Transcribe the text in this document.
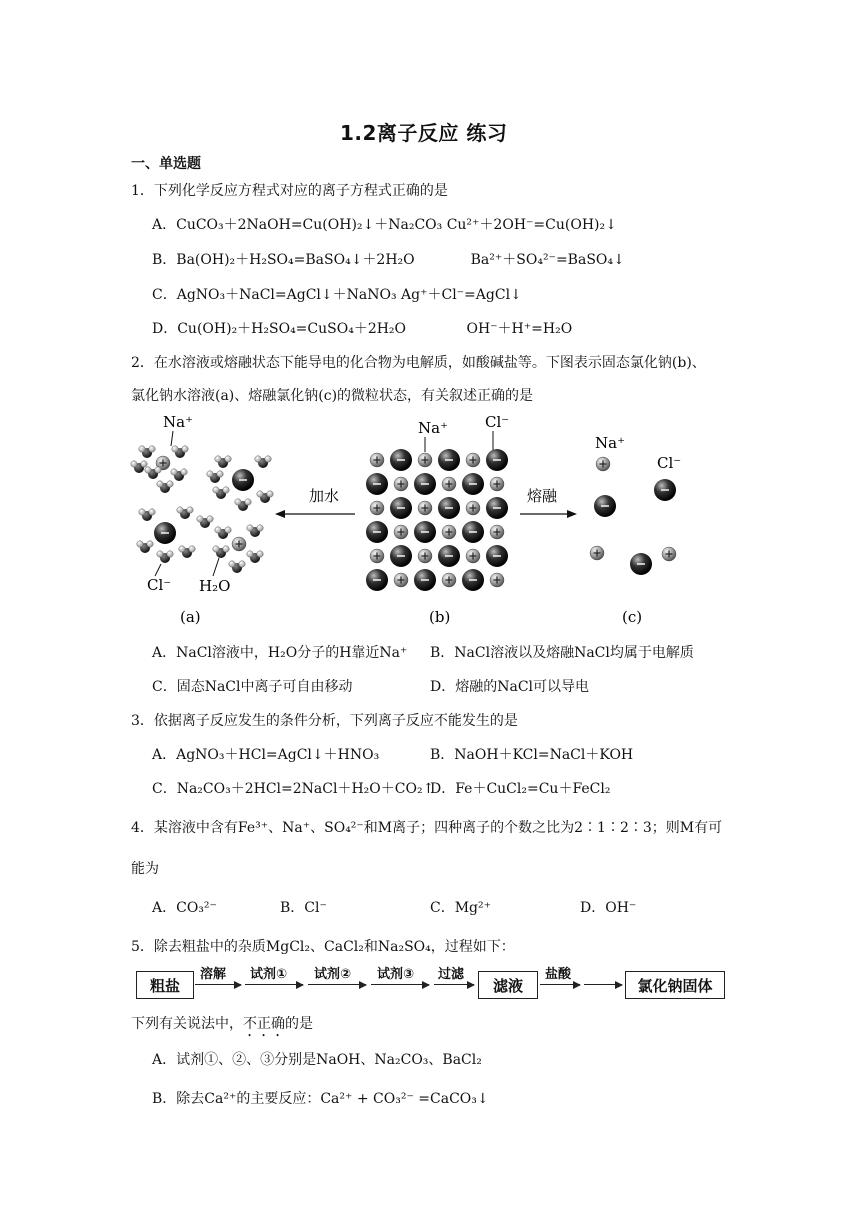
1.2离子反应 练习
一、单选题
1．下列化学反应方程式对应的离子方程式正确的是
A．CuCO₃＋2NaOH=Cu(OH)₂↓＋Na₂CO₃ Cu²⁺＋2OH⁻=Cu(OH)₂↓
B．Ba(OH)₂＋H₂SO₄=BaSO₄↓＋2H₂O　　　　Ba²⁺＋SO₄²⁻=BaSO₄↓
C．AgNO₃＋NaCl=AgCl↓＋NaNO₃ Ag⁺＋Cl⁻=AgCl↓
D．Cu(OH)₂＋H₂SO₄=CuSO₄＋2H₂O　　　　 OH⁻＋H⁺=H₂O
2．在水溶液或熔融状态下能导电的化合物为电解质，如酸碱盐等。下图表示固态氯化钠(b)、
氯化钠水溶液(a)、熔融氯化钠(c)的微粒状态，有关叙述正确的是
Na⁺
Cl⁻ H₂O
(a)
加水
Na⁺ Cl⁻
(b)
熔融
Na⁺
Cl⁻
(c)
A．NaCl溶液中，H₂O分子的H靠近Na⁺ B．NaCl溶液以及熔融NaCl均属于电解质
C．固态NaCl中离子可自由移动	D．熔融的NaCl可以导电
3．依据离子反应发生的条件分析，下列离子反应不能发生的是
A．AgNO₃＋HCl=AgCl↓＋HNO₃	B．NaOH＋KCl=NaCl＋KOH
C．Na₂CO₃＋2HCl=2NaCl＋H₂O＋CO₂↑
D．Fe＋CuCl₂=Cu＋FeCl₂
4．某溶液中含有Fe³⁺、Na⁺、SO₄²⁻和M离子；四种离子的个数之比为2∶1∶2∶3；则M有可
能为
A．CO₃²⁻	B．Cl⁻	C．Mg²⁺	D．OH⁻
5．除去粗盐中的杂质MgCl₂、CaCl₂和Na₂SO₄，过程如下：
粗盐
溶解 试剂① 试剂② 试剂③ 过滤
滤液
盐酸
氯化钠固体
下列有关说法中，不正确的是
A．试剂①、②、③分别是NaOH、Na₂CO₃、BaCl₂
B．除去Ca²⁺的主要反应：Ca²⁺ + CO₃²⁻ =CaCO₃↓
